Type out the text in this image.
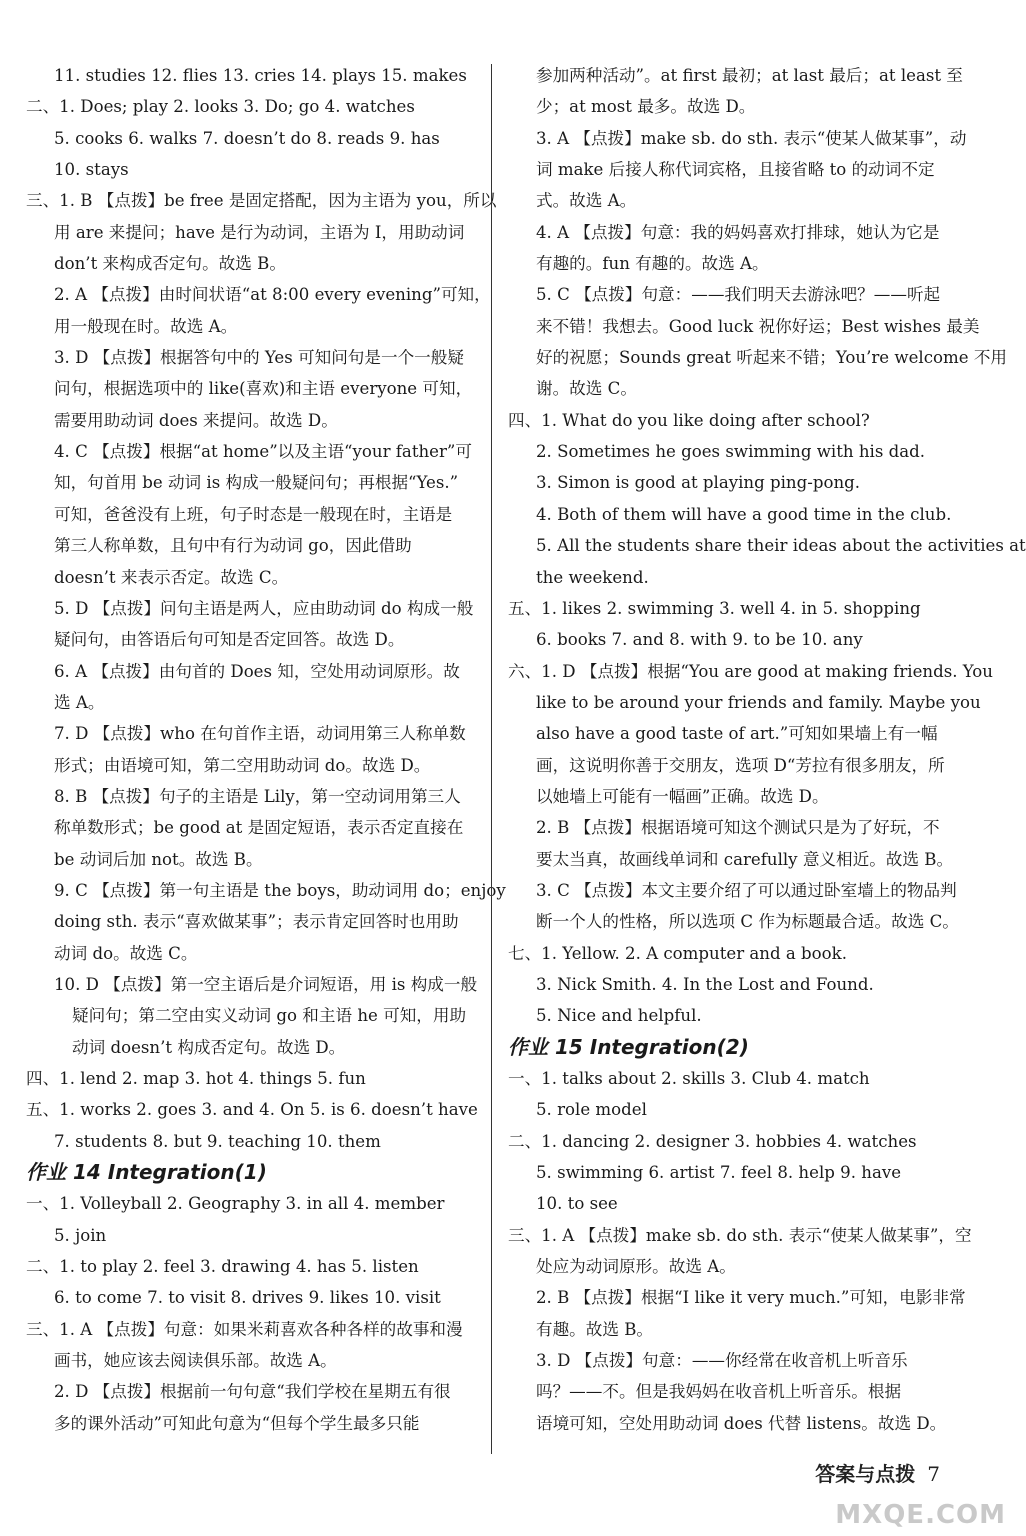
11. studies 12. flies 13. cries 14. plays 15. makes
二、1. Does; play 2. looks 3. Do; go 4. watches
5. cooks 6. walks 7. doesn’t do 8. reads 9. has
10. stays
三、1. B 【点拨】be free 是固定搭配，因为主语为 you，所以
用 are 来提问；have 是行为动词，主语为 I，用助动词
don’t 来构成否定句。故选 B。
2. A 【点拨】由时间状语“at 8:00 every evening”可知，
用一般现在时。故选 A。
3. D 【点拨】根据答句中的 Yes 可知问句是一个一般疑
问句，根据选项中的 like(喜欢)和主语 everyone 可知，
需要用助动词 does 来提问。故选 D。
4. C 【点拨】根据“at home”以及主语“your father”可
知，句首用 be 动词 is 构成一般疑问句；再根据“Yes.”
可知，爸爸没有上班，句子时态是一般现在时，主语是
第三人称单数，且句中有行为动词 go，因此借助
doesn’t 来表示否定。故选 C。
5. D 【点拨】问句主语是两人，应由助动词 do 构成一般
疑问句，由答语后句可知是否定回答。故选 D。
6. A 【点拨】由句首的 Does 知，空处用动词原形。故
选 A。
7. D 【点拨】who 在句首作主语，动词用第三人称单数
形式；由语境可知，第二空用助动词 do。故选 D。
8. B 【点拨】句子的主语是 Lily，第一空动词用第三人
称单数形式；be good at 是固定短语，表示否定直接在
be 动词后加 not。故选 B。
9. C 【点拨】第一句主语是 the boys，助动词用 do；enjoy
doing sth. 表示“喜欢做某事”；表示肯定回答时也用助
动词 do。故选 C。
10. D 【点拨】第一空主语后是介词短语，用 is 构成一般
疑问句；第二空由实义动词 go 和主语 he 可知，用助
动词 doesn’t 构成否定句。故选 D。
四、1. lend 2. map 3. hot 4. things 5. fun
五、1. works 2. goes 3. and 4. On 5. is 6. doesn’t have
7. students 8. but 9. teaching 10. them
作业 14 Integration(1)
一、1. Volleyball 2. Geography 3. in all 4. member
5. join
二、1. to play 2. feel 3. drawing 4. has 5. listen
6. to come 7. to visit 8. drives 9. likes 10. visit
三、1. A 【点拨】句意：如果米莉喜欢各种各样的故事和漫
画书，她应该去阅读俱乐部。故选 A。
2. D 【点拨】根据前一句句意“我们学校在星期五有很
多的课外活动”可知此句意为“但每个学生最多只能
参加两种活动”。at first 最初；at last 最后；at least 至
少；at most 最多。故选 D。
3. A 【点拨】make sb. do sth. 表示“使某人做某事”，动
词 make 后接人称代词宾格，且接省略 to 的动词不定
式。故选 A。
4. A 【点拨】句意：我的妈妈喜欢打排球，她认为它是
有趣的。fun 有趣的。故选 A。
5. C 【点拨】句意：——我们明天去游泳吧？——听起
来不错！我想去。Good luck 祝你好运；Best wishes 最美
好的祝愿；Sounds great 听起来不错；You’re welcome 不用
谢。故选 C。
四、1. What do you like doing after school?
2. Sometimes he goes swimming with his dad.
3. Simon is good at playing ping-pong.
4. Both of them will have a good time in the club.
5. All the students share their ideas about the activities at
the weekend.
五、1. likes 2. swimming 3. well 4. in 5. shopping
6. books 7. and 8. with 9. to be 10. any
六、1. D 【点拨】根据“You are good at making friends. You
like to be around your friends and family. Maybe you
also have a good taste of art.”可知如果墙上有一幅
画，这说明你善于交朋友，选项 D“芳拉有很多朋友，所
以她墙上可能有一幅画”正确。故选 D。
2. B 【点拨】根据语境可知这个测试只是为了好玩，不
要太当真，故画线单词和 carefully 意义相近。故选 B。
3. C 【点拨】本文主要介绍了可以通过卧室墙上的物品判
断一个人的性格，所以选项 C 作为标题最合适。故选 C。
七、1. Yellow. 2. A computer and a book.
3. Nick Smith. 4. In the Lost and Found.
5. Nice and helpful.
作业 15 Integration(2)
一、1. talks about 2. skills 3. Club 4. match
5. role model
二、1. dancing 2. designer 3. hobbies 4. watches
5. swimming 6. artist 7. feel 8. help 9. have
10. to see
三、1. A 【点拨】make sb. do sth. 表示“使某人做某事”，空
处应为动词原形。故选 A。
2. B 【点拨】根据“I like it very much.”可知，电影非常
有趣。故选 B。
3. D 【点拨】句意：——你经常在收音机上听音乐
吗？——不。但是我妈妈在收音机上听音乐。根据
语境可知，空处用助动词 does 代替 listens。故选 D。
答案与点拨 7
MXQE.COM
